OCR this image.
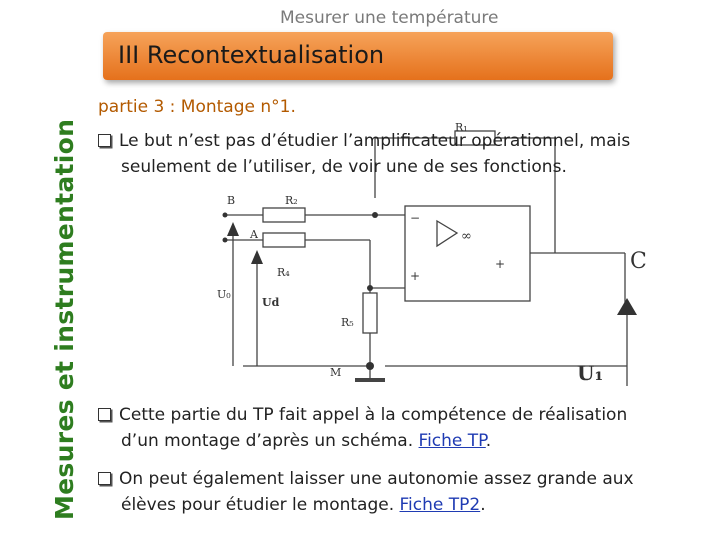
Mesures et instrumentation
Mesurer une température
III Recontextualisation
B
A
R₁
R₂
R₄
R₅
U₀
Ud
M
∞
−
+
+	C
U₁
partie 3 : Montage n°1.
Le but n’est pas d’étudier l’amplificateur opérationnel, mais
seulement de l’utiliser, de voir une de ses fonctions.
Cette partie du TP fait appel à la compétence de réalisation
d’un montage d’après un schéma. Fiche TP.
On peut également laisser une autonomie assez grande aux
élèves pour étudier le montage. Fiche TP2.
